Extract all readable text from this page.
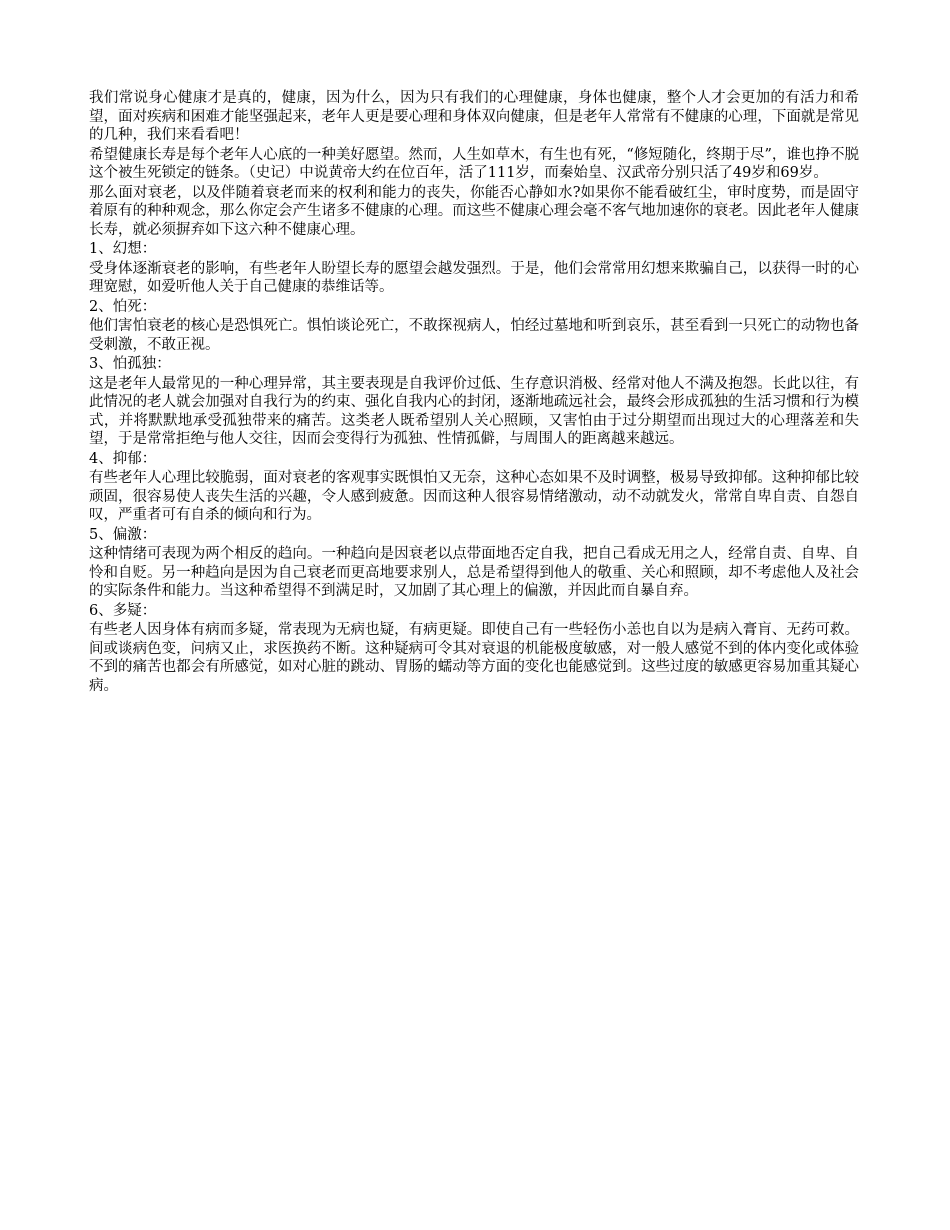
我们常说身心健康才是真的，健康，因为什么，因为只有我们的心理健康，身体也健康，整个人才会更加的有活力和希望，面对疾病和困难才能坚强起来，老年人更是要心理和身体双向健康，但是老年人常常有不健康的心理，下面就是常见的几种，我们来看看吧！

希望健康长寿是每个老年人心底的一种美好愿望。然而，人生如草木，有生也有死，“修短随化，终期于尽”，谁也挣不脱这个被生死锁定的链条。（史记）中说黄帝大约在位百年，活了111岁，而秦始皇、汉武帝分别只活了49岁和69岁。

那么面对衰老，以及伴随着衰老而来的权利和能力的丧失，你能否心静如水?如果你不能看破红尘，审时度势，而是固守着原有的种种观念，那么你定会产生诸多不健康的心理。而这些不健康心理会毫不客气地加速你的衰老。因此老年人健康长寿，就必须摒弃如下这六种不健康心理。

1、幻想：

受身体逐渐衰老的影响，有些老年人盼望长寿的愿望会越发强烈。于是，他们会常常用幻想来欺骗自己，以获得一时的心理宽慰，如爱听他人关于自己健康的恭维话等。

2、怕死：

他们害怕衰老的核心是恐惧死亡。惧怕谈论死亡，不敢探视病人，怕经过墓地和听到哀乐，甚至看到一只死亡的动物也备受刺激，不敢正视。

3、怕孤独：

这是老年人最常见的一种心理异常，其主要表现是自我评价过低、生存意识消极、经常对他人不满及抱怨。长此以往，有此情况的老人就会加强对自我行为的约束、强化自我内心的封闭，逐渐地疏远社会，最终会形成孤独的生活习惯和行为模式，并将默默地承受孤独带来的痛苦。这类老人既希望别人关心照顾，又害怕由于过分期望而出现过大的心理落差和失望，于是常常拒绝与他人交往，因而会变得行为孤独、性情孤僻，与周围人的距离越来越远。

4、抑郁：

有些老年人心理比较脆弱，面对衰老的客观事实既惧怕又无奈，这种心态如果不及时调整，极易导致抑郁。这种抑郁比较顽固，很容易使人丧失生活的兴趣，令人感到疲惫。因而这种人很容易情绪激动，动不动就发火，常常自卑自责、自怨自叹，严重者可有自杀的倾向和行为。

5、偏激：

这种情绪可表现为两个相反的趋向。一种趋向是因衰老以点带面地否定自我，把自己看成无用之人，经常自责、自卑、自怜和自贬。另一种趋向是因为自己衰老而更高地要求别人，总是希望得到他人的敬重、关心和照顾，却不考虑他人及社会的实际条件和能力。当这种希望得不到满足时，又加剧了其心理上的偏激，并因此而自暴自弃。

6、多疑：

有些老人因身体有病而多疑，常表现为无病也疑，有病更疑。即使自己有一些轻伤小恙也自以为是病入膏肓、无药可救。间或谈病色变，问病又止，求医换药不断。这种疑病可令其对衰退的机能极度敏感，对一般人感觉不到的体内变化或体验不到的痛苦也都会有所感觉，如对心脏的跳动、胃肠的蠕动等方面的变化也能感觉到。这些过度的敏感更容易加重其疑心病。
